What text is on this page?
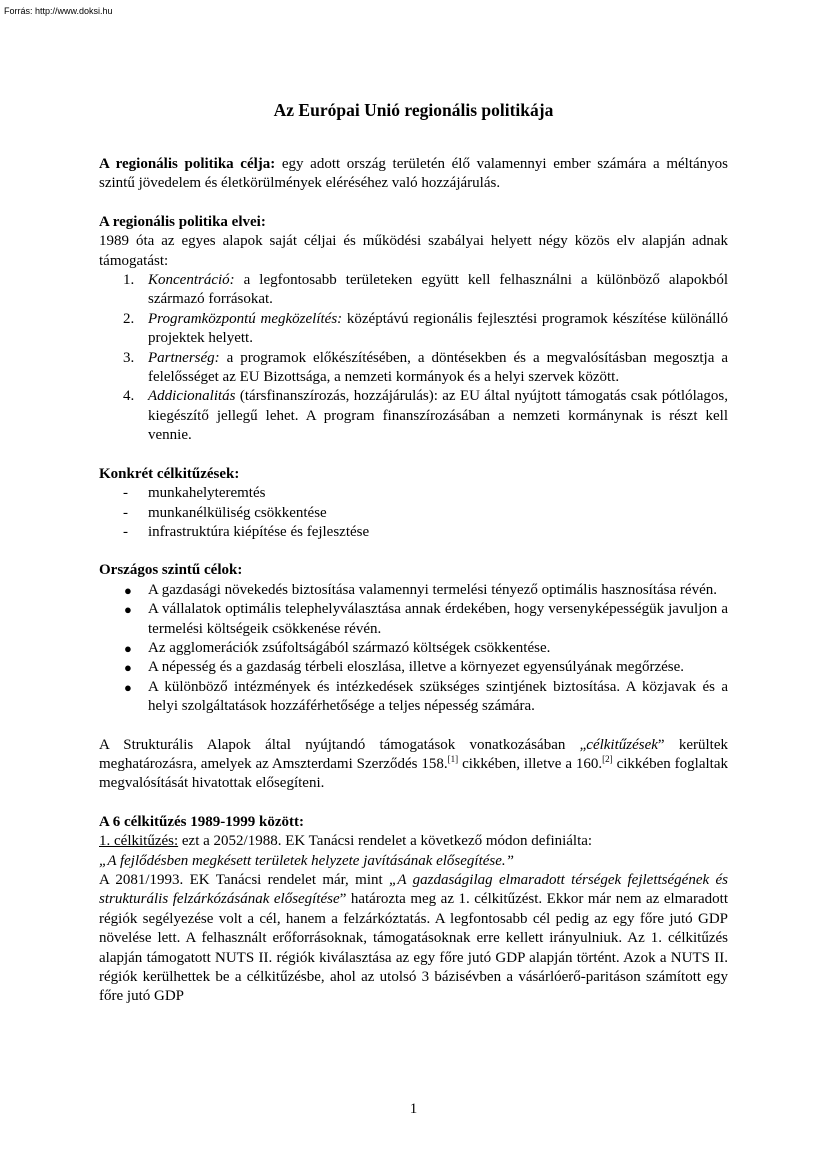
Forrás: http://www.doksi.hu
Az Európai Unió regionális politikája

A regionális politika célja: egy adott ország területén élő valamennyi ember számára a méltányos szintű jövedelem és életkörülmények eléréséhez való hozzájárulás.

A regionális politika elvei:

1989 óta az egyes alapok saját céljai és működési szabályai helyett négy közös elv alapján adnak támogatást:

1. Koncentráció: a legfontosabb területeken együtt kell felhasználni a különböző alapokból származó forrásokat.
2. Programközpontú megközelítés: középtávú regionális fejlesztési programok készítése különálló projektek helyett.
3. Partnerség: a programok előkészítésében, a döntésekben és a megvalósításban megosztja a felelősséget az EU Bizottsága, a nemzeti kormányok és a helyi szervek között.
4. Addicionalitás (társfinanszírozás, hozzájárulás): az EU által nyújtott támogatás csak pótlólagos, kiegészítő jellegű lehet. A program finanszírozásában a nemzeti kormánynak is részt kell vennie.
Konkrét célkitűzések:
- munkahelyteremtés
- munkanélküliség csökkentése
- infrastruktúra kiépítése és fejlesztése
Országos szintű célok:
● A gazdasági növekedés biztosítása valamennyi termelési tényező optimális hasznosítása révén.
● A vállalatok optimális telephelyválasztása annak érdekében, hogy versenyképességük javuljon a termelési költségeik csökkenése révén.
● Az agglomerációk zsúfoltságából származó költségek csökkentése.
● A népesség és a gazdaság térbeli eloszlása, illetve a környezet egyensúlyának megőrzése.
● A különböző intézmények és intézkedések szükséges szintjének biztosítása. A közjavak és a helyi szolgáltatások hozzáférhetősége a teljes népesség számára.

A Strukturális Alapok által nyújtandó támogatások vonatkozásában „célkitűzések” kerültek meghatározásra, amelyek az Amszterdami Szerződés 158.[1] cikkében, illetve a 160.[2] cikkében foglaltak megvalósítását hivatottak elősegíteni.

A 6 célkitűzés 1989-1999 között:

1. célkitűzés: ezt a 2052/1988. EK Tanácsi rendelet a következő módon definiálta:

„A fejlődésben megkésett területek helyzete javításának elősegítése.”

A 2081/1993. EK Tanácsi rendelet már, mint „A gazdaságilag elmaradott térségek fejlettségének és strukturális felzárkózásának elősegítése” határozta meg az 1. célkitűzést. Ekkor már nem az elmaradott régiók segélyezése volt a cél, hanem a felzárkóztatás. A legfontosabb cél pedig az egy főre jutó GDP növelése lett. A felhasznált erőforrásoknak, támogatásoknak erre kellett irányulniuk. Az 1. célkitűzés alapján támogatott NUTS II. régiók kiválasztása az egy főre jutó GDP alapján történt. Azok a NUTS II. régiók kerülhettek be a célkitűzésbe, ahol az utolsó 3 bázisévben a vásárlóerő-paritáson számított egy főre jutó GDP

1
